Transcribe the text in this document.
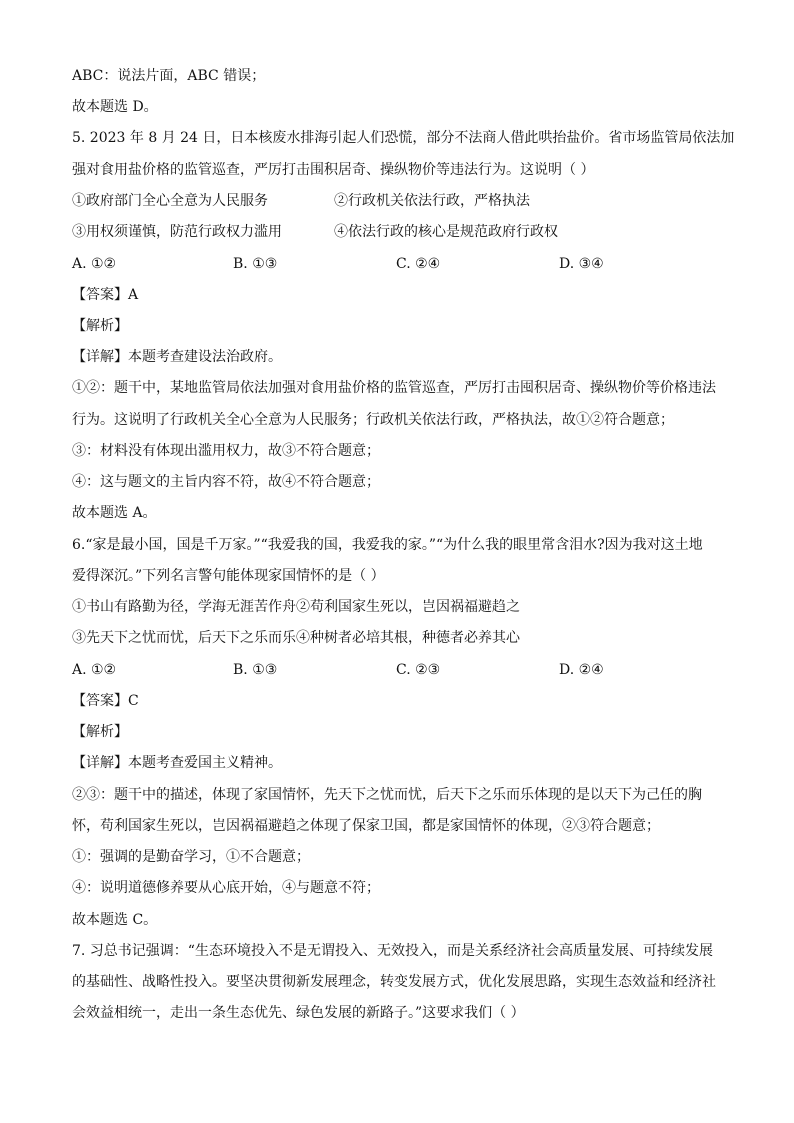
ABC：说法片面，ABC 错误；
故本题选 D。
5. 2023 年 8 月 24 日，日本核废水排海引起人们恐慌，部分不法商人借此哄抬盐价。省市场监管局依法加
强对食用盐价格的监管巡查，严厉打击围积居奇、操纵物价等违法行为。这说明（ ）
①政府部门全心全意为人民服务	②行政机关依法行政，严格执法
③用权须谨慎，防范行政权力滥用	④依法行政的核心是规范政府行政权
A. ①②	B. ①③	C. ②④	D. ③④
【答案】A
【解析】
【详解】本题考查建设法治政府。
①②：题干中，某地监管局依法加强对食用盐价格的监管巡查，严厉打击囤积居奇、操纵物价等价格违法
行为。这说明了行政机关全心全意为人民服务；行政机关依法行政，严格执法，故①②符合题意；
③：材料没有体现出滥用权力，故③不符合题意；
④：这与题文的主旨内容不符，故④不符合题意；
故本题选 A。
6.“家是最小国，国是千万家。”“我爱我的国，我爱我的家。”“为什么我的眼里常含泪水?因为我对这土地
爱得深沉。”下列名言警句能体现家国情怀的是（ ）
①书山有路勤为径，学海无涯苦作舟②苟利国家生死以，岂因祸福避趋之
③先天下之忧而忧，后天下之乐而乐④种树者必培其根，种德者必养其心
A. ①②	B. ①③	C. ②③	D. ②④
【答案】C
【解析】
【详解】本题考查爱国主义精神。
②③：题干中的描述，体现了家国情怀，先天下之忧而忧，后天下之乐而乐体现的是以天下为己任的胸
怀，苟利国家生死以，岂因祸福避趋之体现了保家卫国，都是家国情怀的体现，②③符合题意；
①：强调的是勤奋学习，①不合题意；
④：说明道德修养要从心底开始，④与题意不符；
故本题选 C。
7. 习总书记强调：“生态环境投入不是无谓投入、无效投入，而是关系经济社会高质量发展、可持续发展
的基础性、战略性投入。要坚决贯彻新发展理念，转变发展方式，优化发展思路，实现生态效益和经济社
会效益相统一，走出一条生态优先、绿色发展的新路子。”这要求我们（ ）
